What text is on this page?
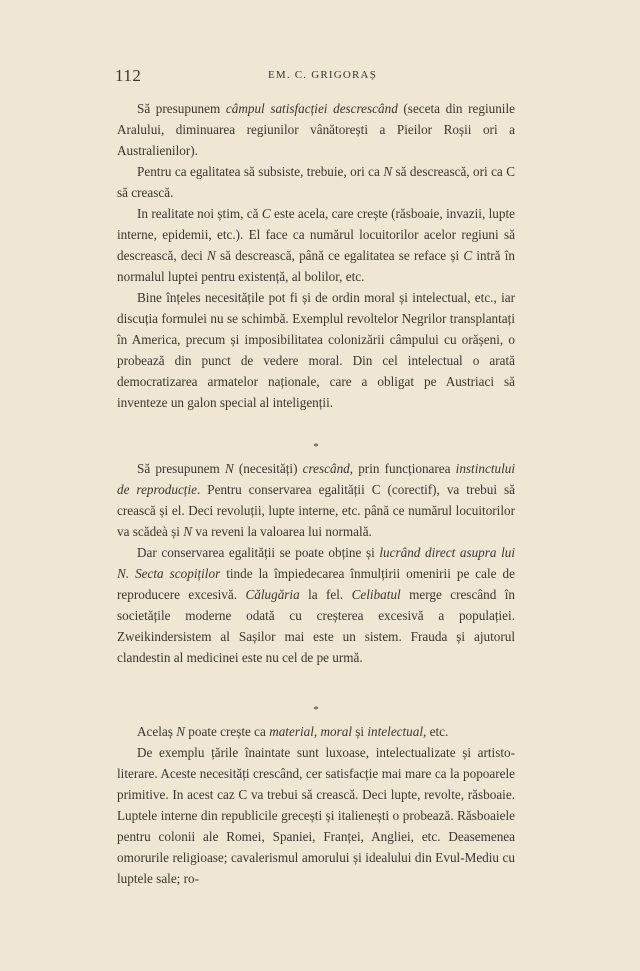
112	EM. C. GRIGORAȘ

Să presupunem câmpul satisfacției descrescând (seceta din regiunile Aralului, diminuarea regiunilor vânătorești a Pieilor Roșii ori a Australienilor).

Pentru ca egalitatea să subsiste, trebuie, ori ca N să descrească, ori ca C să crească.

In realitate noi știm, că C este acela, care crește (răsboaie, invazii, lupte interne, epidemii, etc.). El face ca numărul locuitorilor acelor regiuni să descrească, deci N să descrească, până ce egalitatea se reface și C intră în normalul luptei pentru existență, al bolilor, etc.

Bine înțeles necesitățile pot fi și de ordin moral și intelectual, etc., iar discuția formulei nu se schimbă. Exemplul revoltelor Negrilor transplantați în America, precum și imposibilitatea colonizării câmpului cu orășeni, o probează din punct de vedere moral. Din cel intelectual o arată democratizarea armatelor naționale, care a obligat pe Austriaci să inventeze un galon special al inteligenții.

*

Să presupunem N (necesități) crescând, prin funcționarea instinctului de reproducție. Pentru conservarea egalității C (corectif), va trebui să crească și el. Deci revoluții, lupte interne, etc. până ce numărul locuitorilor va scădeà și N va reveni la valoarea lui normală.

Dar conservarea egalității se poate obține și lucrând direct asupra lui N. Secta scopiților tinde la împiedecarea înmulțirii omenirii pe cale de reproducere excesivă. Călugăria la fel. Celibatul merge crescând în societățile moderne odată cu creșterea excesivă a populației. Zweikindersistem al Sașilor mai este un sistem. Frauda și ajutorul clandestin al medicinei este nu cel de pe urmă.

*

Acelaș N poate crește ca material, moral și intelectual, etc.

De exemplu țările înaintate sunt luxoase, intelectualizate și artisto-literare. Aceste necesități crescând, cer satisfacție mai mare ca la popoarele primitive. In acest caz C va trebui să crească. Deci lupte, revolte, răsboaie. Luptele interne din republicile grecești și italienești o probează. Răsboaiele pentru colonii ale Romei, Spaniei, Franței, Angliei, etc. Deasemenea omorurile religioase; cavalerismul amorului și idealului din Evul-Mediu cu luptele sale; ro-
